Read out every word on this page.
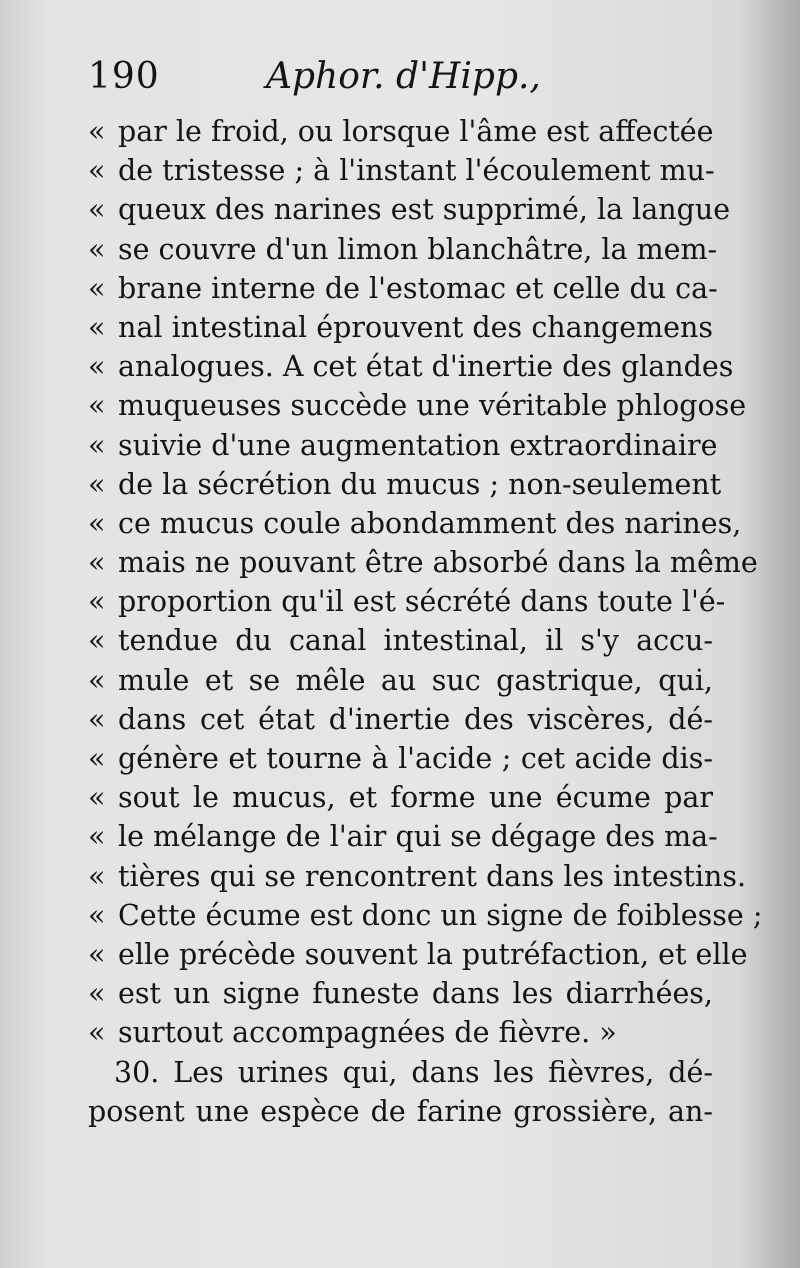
190	Aphor. d'Hipp.,
« par le froid, ou lorsque l'âme est affectée
« de tristesse ; à l'instant l'écoulement mu-
« queux des narines est supprimé, la langue
« se couvre d'un limon blanchâtre, la mem-
« brane interne de l'estomac et celle du ca-
« nal intestinal éprouvent des changemens
« analogues. A cet état d'inertie des glandes
« muqueuses succède une véritable phlogose
« suivie d'une augmentation extraordinaire
« de la sécrétion du mucus ; non-seulement
« ce mucus coule abondamment des narines,
« mais ne pouvant être absorbé dans la même
« proportion qu'il est sécrété dans toute l'é-
« tendue du canal intestinal, il s'y accu-
« mule et se mêle au suc gastrique, qui,
« dans cet état d'inertie des viscères, dé-
« génère et tourne à l'acide ; cet acide dis-
« sout le mucus, et forme une écume par
« le mélange de l'air qui se dégage des ma-
« tières qui se rencontrent dans les intestins.
« Cette écume est donc un signe de foiblesse ;
« elle précède souvent la putréfaction, et elle
« est un signe funeste dans les diarrhées,
« surtout accompagnées de fièvre. »
30. Les urines qui, dans les fièvres, dé-
posent une espèce de farine grossière, an-
